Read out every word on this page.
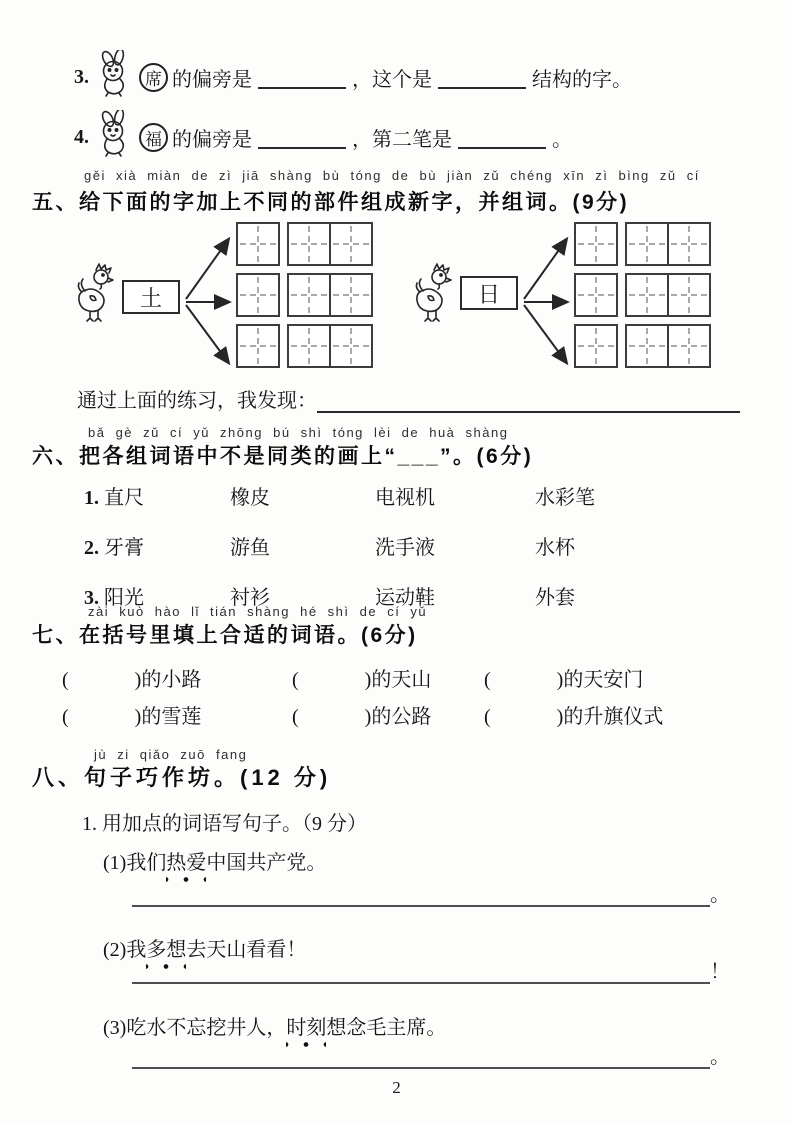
3.	席 的偏旁是	，这个是	结构的字。
4.	福 的偏旁是	，第二笔是	。
gěi xià miàn de zì jiā shàng bù tóng de bù jiàn zǔ chéng xīn zì bìng zǔ cí
五、给下面的字加上不同的部件组成新字，并组词。(9分)
土	日
通过上面的练习，我发现：
bǎ gè zǔ cí yǔ zhōng bú shì tóng lèi de huà shàng
六、把各组词语中不是同类的画上“___”。(6分)
1. 直尺	橡皮	电视机	水彩笔
2. 牙膏	游鱼	洗手液	水杯
3. 阳光	衬衫	运动鞋	外套
zài kuò hào lǐ tián shàng hé shì de cí yǔ
七、在括号里填上合适的词语。(6分)
(	)的小路	(	)的天山	(	)的天安门
(	)的雪莲	(	)的公路	(	)的升旗仪式
jù zi qiǎo zuō fang
八、句子巧作坊。(12 分)
1. 用加点的词语写句子。（9 分）
(1)我们热爱中国共产党。
。
(2)我多想去天山看看！
！
(3)吃水不忘挖井人，时刻想念毛主席。
。
2
